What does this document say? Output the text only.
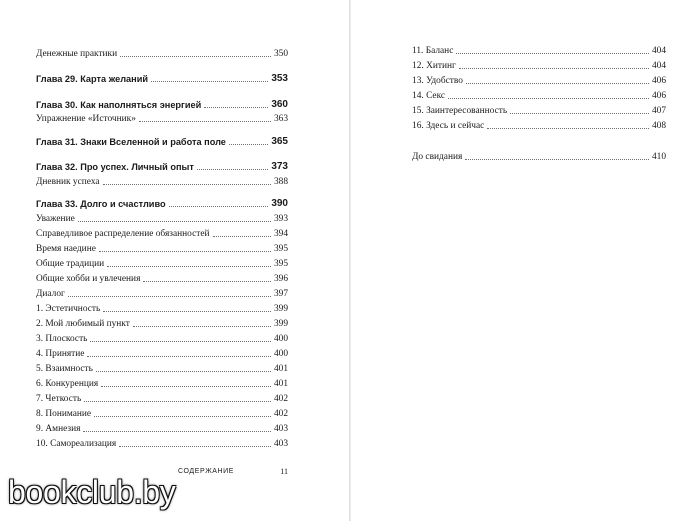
Денежные практики	350
Глава 29. Карта желаний	353
Глава 30. Как наполняться энергией	360
Упражнение «Источник»	363
Глава 31. Знаки Вселенной и работа поле	365
Глава 32. Про успех. Личный опыт	373
Дневник успеха	388
Глава 33. Долго и счастливо	390
Уважение	393
Справедливое распределение обязанностей	394
Время наедине	395
Общие традиции	395
Общие хобби и увлечения	396
Диалог	397
1. Эстетичность	399
2. Мой любимый пункт	399
3. Плоскость	400
4. Принятие	400
5. Взаимность	401
6. Конкуренция	401
7. Четкость	402
8. Понимание	402
9. Амнезия	403
10. Самореализация	403
СОДЕРЖАНИЕ	11
11. Баланс	404
12. Хитинг	404
13. Удобство	406
14. Секс	406
15. Заинтересованность	407
16. Здесь и сейчас	408
До свидания	410
bookclub.by
